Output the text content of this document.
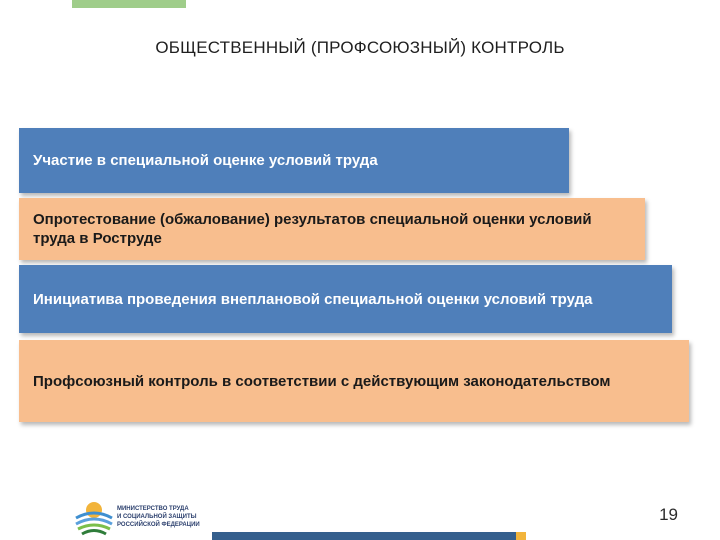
ОБЩЕСТВЕННЫЙ (ПРОФСОЮЗНЫЙ) КОНТРОЛЬ
Участие в специальной оценке условий труда
Опротестование (обжалование) результатов специальной оценки условий труда в Роструде
Инициатива проведения внеплановой специальной оценки условий труда
Профсоюзный контроль в соответствии с действующим законодательством
МИНИСТЕРСТВО ТРУДА
И СОЦИАЛЬНОЙ ЗАЩИТЫ
РОССИЙСКОЙ ФЕДЕРАЦИИ
19
